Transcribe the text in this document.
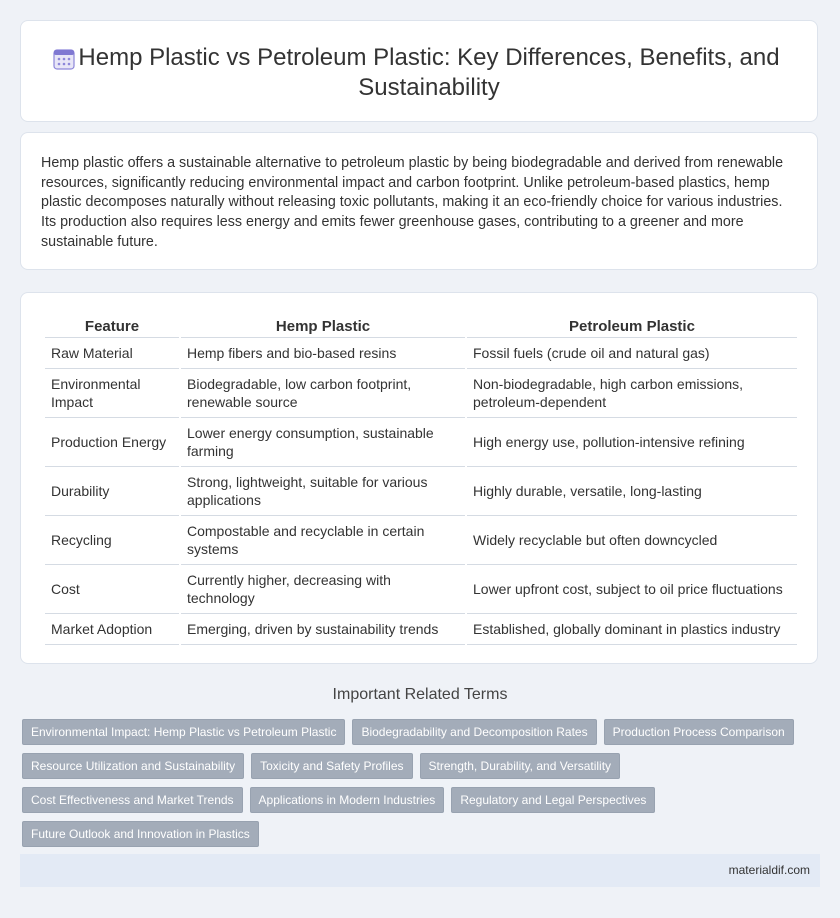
Hemp Plastic vs Petroleum Plastic: Key Differences, Benefits, and Sustainability

Hemp plastic offers a sustainable alternative to petroleum plastic by being biodegradable and derived from renewable resources, significantly reducing environmental impact and carbon footprint. Unlike petroleum-based plastics, hemp plastic decomposes naturally without releasing toxic pollutants, making it an eco-friendly choice for various industries. Its production also requires less energy and emits fewer greenhouse gases, contributing to a greener and more sustainable future.

Feature	Hemp Plastic	Petroleum Plastic
Raw Material	Hemp fibers and bio-based resins	Fossil fuels (crude oil and natural gas)
Environmental Impact	Biodegradable, low carbon footprint, renewable source	Non-biodegradable, high carbon emissions, petroleum-dependent
Production Energy	Lower energy consumption, sustainable farming	High energy use, pollution-intensive refining
Durability	Strong, lightweight, suitable for various applications	Highly durable, versatile, long-lasting
Recycling	Compostable and recyclable in certain systems	Widely recyclable but often downcycled
Cost	Currently higher, decreasing with technology	Lower upfront cost, subject to oil price fluctuations
Market Adoption	Emerging, driven by sustainability trends	Established, globally dominant in plastics industry
Important Related Terms
Environmental Impact: Hemp Plastic vs Petroleum Plastic	Biodegradability and Decomposition Rates	Production Process Comparison
Resource Utilization and Sustainability	Toxicity and Safety Profiles	Strength, Durability, and Versatility
Cost Effectiveness and Market Trends	Applications in Modern Industries	Regulatory and Legal Perspectives
Future Outlook and Innovation in Plastics
materialdif.com
